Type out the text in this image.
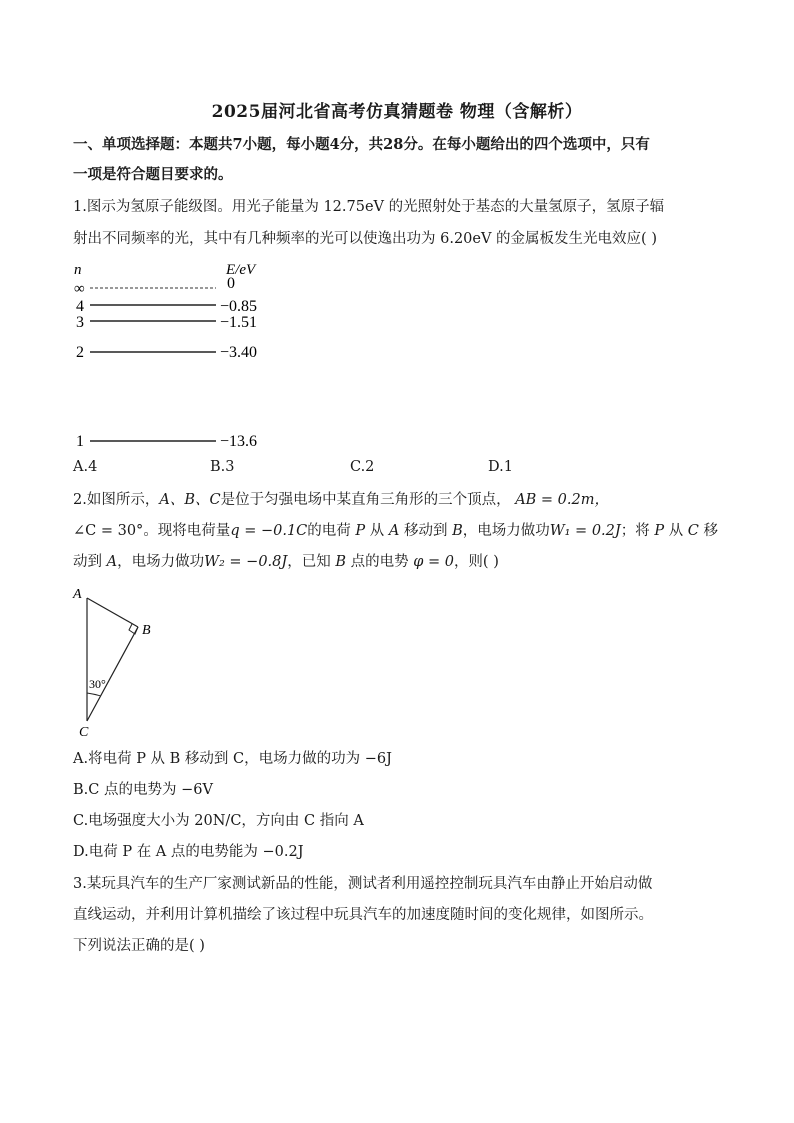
2025届河北省高考仿真猜题卷 物理（含解析）
一、单项选择题：本题共7小题，每小题4分，共28分。在每小题给出的四个选项中，只有
一项是符合题目要求的。
1.图示为氢原子能级图。用光子能量为 12.75eV 的光照射处于基态的大量氢原子，氢原子辐
射出不同频率的光，其中有几种频率的光可以使逸出功为 6.20eV 的金属板发生光电效应( )
n	E/eV
∞	0
4	−0.85
3	−1.51
2	−3.40
1	−13.6
A.4	B.3	C.2	D.1
2.如图所示，A、B、C是位于匀强电场中某直角三角形的三个顶点， AB = 0.2m，
∠C = 30°。现将电荷量q = −0.1C的电荷 P 从 A 移动到 B，电场力做功W₁ = 0.2J；将 P 从 C 移
动到 A，电场力做功W₂ = −0.8J，已知 B 点的电势 φ = 0，则( )
A
B
C
30°
A.将电荷 P 从 B 移动到 C，电场力做的功为 −6J
B.C 点的电势为 −6V
C.电场强度大小为 20N/C，方向由 C 指向 A
D.电荷 P 在 A 点的电势能为 −0.2J
3.某玩具汽车的生产厂家测试新品的性能，测试者利用遥控控制玩具汽车由静止开始启动做
直线运动，并利用计算机描绘了该过程中玩具汽车的加速度随时间的变化规律，如图所示。
下列说法正确的是( )
